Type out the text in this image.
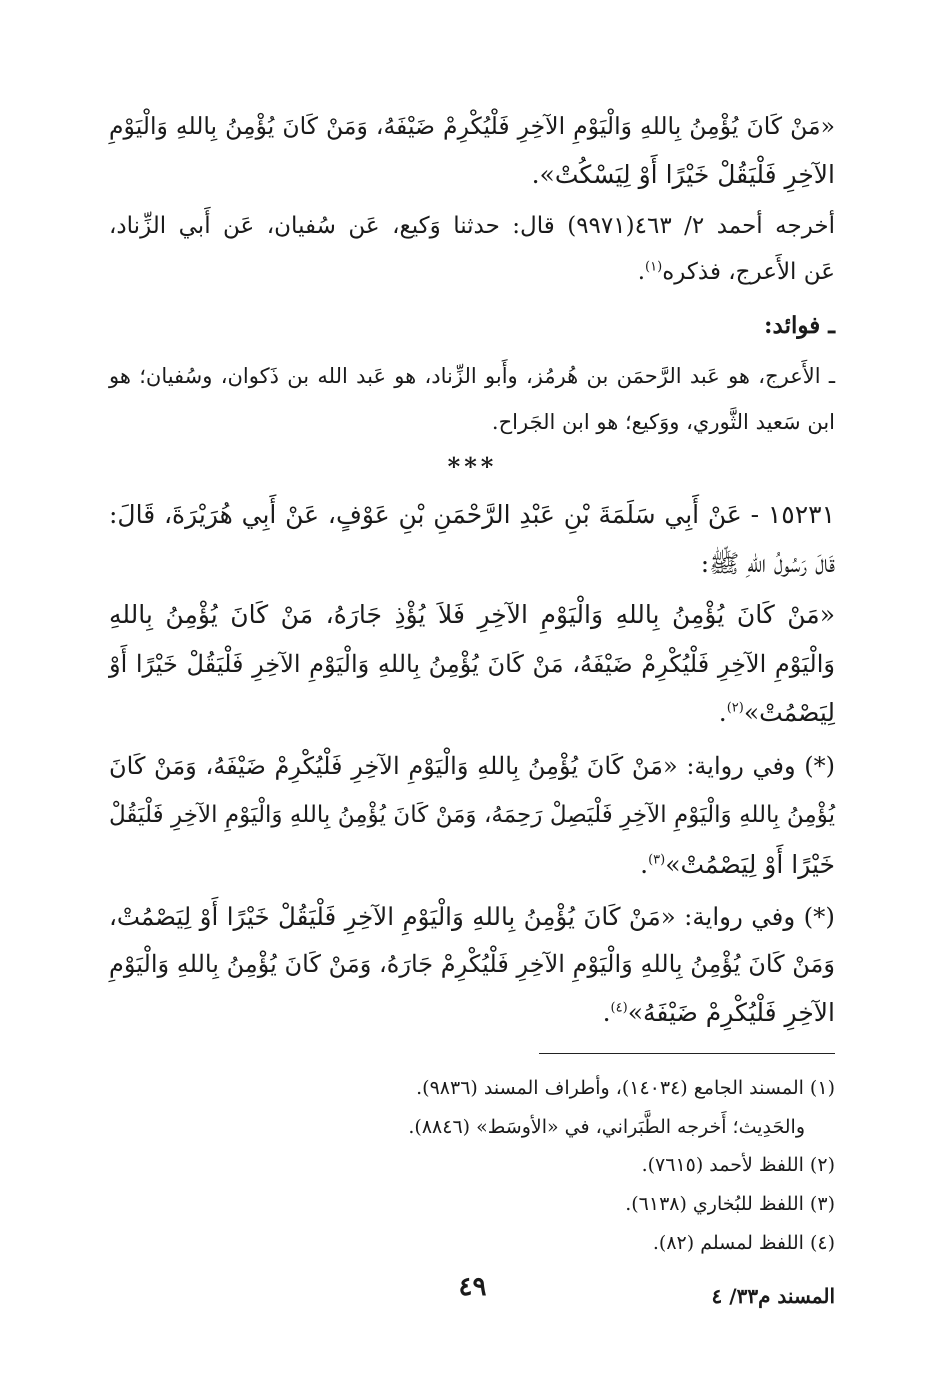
«مَنْ كَانَ يُؤْمِنُ بِاللهِ وَالْيَوْمِ الآخِرِ فَلْيُكْرِمْ ضَيْفَهُ، وَمَنْ كَانَ يُؤْمِنُ بِاللهِ وَالْيَوْمِ
الآخِرِ فَلْيَقُلْ خَيْرًا أَوْ لِيَسْكُتْ».
أخرجه أحمد ٢/ ٤٦٣(٩٩٧١) قال: حدثنا وَكيع، عَن سُفيان، عَن أَبي الزِّناد،
عَن الأَعرج، فذكره$^{(١)}$.
ـ فوائد:
ـ الأَعرج، هو عَبد الرَّحمَن بن هُرمُز، وأَبو الزِّناد، هو عَبد الله بن ذَكوان، وسُفيان؛ هو
ابن سَعيد الثَّوري، ووَكيع؛ هو ابن الجَراح.
***
١٥٢٣١ - عَنْ أَبِي سَلَمَةَ بْنِ عَبْدِ الرَّحْمَنِ بْنِ عَوْفٍ، عَنْ أَبِي هُرَيْرَةَ، قَالَ:
قَالَ رَسُولُ اللهِ ﷺ:
«مَنْ كَانَ يُؤْمِنُ بِاللهِ وَالْيَوْمِ الآخِرِ فَلاَ يُؤْذِ جَارَهُ، مَنْ كَانَ يُؤْمِنُ بِاللهِ
وَالْيَوْمِ الآخِرِ فَلْيُكْرِمْ ضَيْفَهُ، مَنْ كَانَ يُؤْمِنُ بِاللهِ وَالْيَوْمِ الآخِرِ فَلْيَقُلْ خَيْرًا أَوْ
لِيَصْمُتْ»$^{(٢)}$.
(*) وفي رواية: «مَنْ كَانَ يُؤْمِنُ بِاللهِ وَالْيَوْمِ الآخِرِ فَلْيُكْرِمْ ضَيْفَهُ، وَمَنْ كَانَ
يُؤْمِنُ بِاللهِ وَالْيَوْمِ الآخِرِ فَلْيَصِلْ رَحِمَهُ، وَمَنْ كَانَ يُؤْمِنُ بِاللهِ وَالْيَوْمِ الآخِرِ فَلْيَقُلْ
خَيْرًا أَوْ لِيَصْمُتْ»$^{(٣)}$.
(*) وفي رواية: «مَنْ كَانَ يُؤْمِنُ بِاللهِ وَالْيَوْمِ الآخِرِ فَلْيَقُلْ خَيْرًا أَوْ لِيَصْمُتْ،
وَمَنْ كَانَ يُؤْمِنُ بِاللهِ وَالْيَوْمِ الآخِرِ فَلْيُكْرِمْ جَارَهُ، وَمَنْ كَانَ يُؤْمِنُ بِاللهِ وَالْيَوْمِ
الآخِرِ فَلْيُكْرِمْ ضَيْفَهُ»$^{(٤)}$.
(١) المسند الجامع (١٤٠٣٤)، وأطراف المسند (٩٨٣٦).
والحَدِيث؛ أَخرجه الطَّبَراني، في «الأوسَط» (٨٨٤٦).
(٢) اللفظ لأحمد (٧٦١٥).
(٣) اللفظ للبُخاري (٦١٣٨).
(٤) اللفظ لمسلم (٨٢).
٤٩	المسند م٣٣/ ٤
